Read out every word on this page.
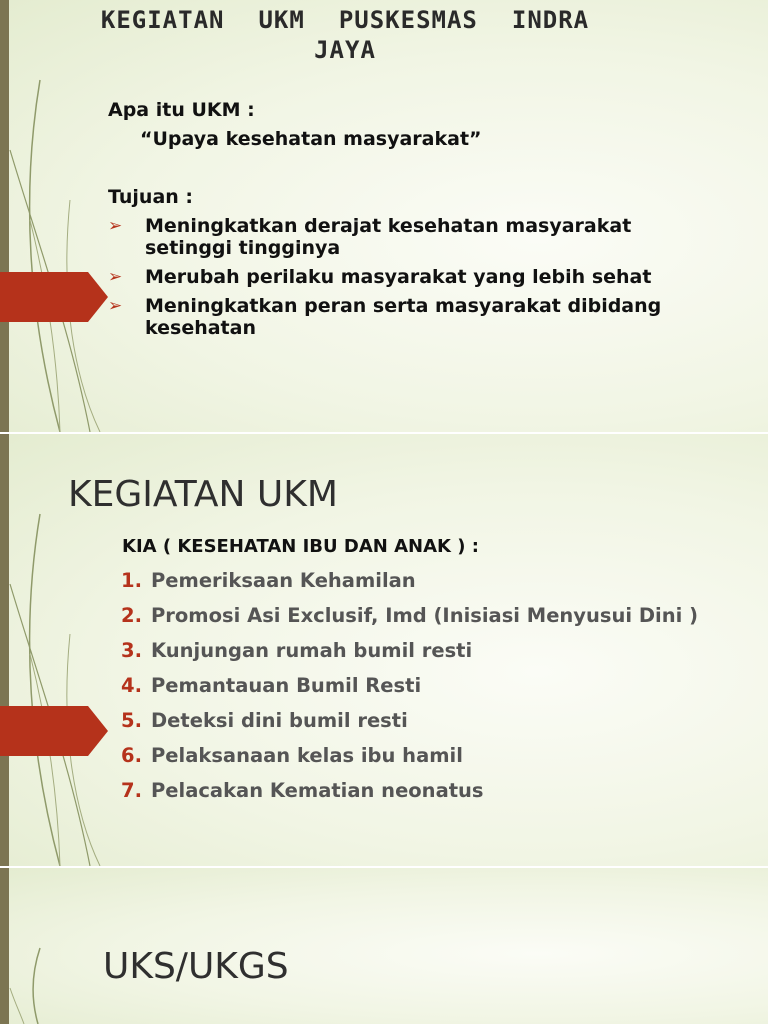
KEGIATAN UKM PUSKESMAS INDRA
JAYA

Apa itu UKM :

“Upaya kesehatan masyarakat”

Tujuan :

➢ Meningkatkan derajat kesehatan masyarakat setinggi tingginya
➢ Merubah perilaku masyarakat yang lebih sehat
➢ Meningkatkan peran serta masyarakat dibidang kesehatan
KEGIATAN UKM

KIA ( KESEHATAN IBU DAN ANAK ) :

1. Pemeriksaan Kehamilan
2. Promosi Asi Exclusif, Imd (Inisiasi Menyusui Dini )
3. Kunjungan rumah bumil resti
4. Pemantauan Bumil Resti
5. Deteksi dini bumil resti
6. Pelaksanaan kelas ibu hamil
7. Pelacakan Kematian neonatus
UKS/UKGS
